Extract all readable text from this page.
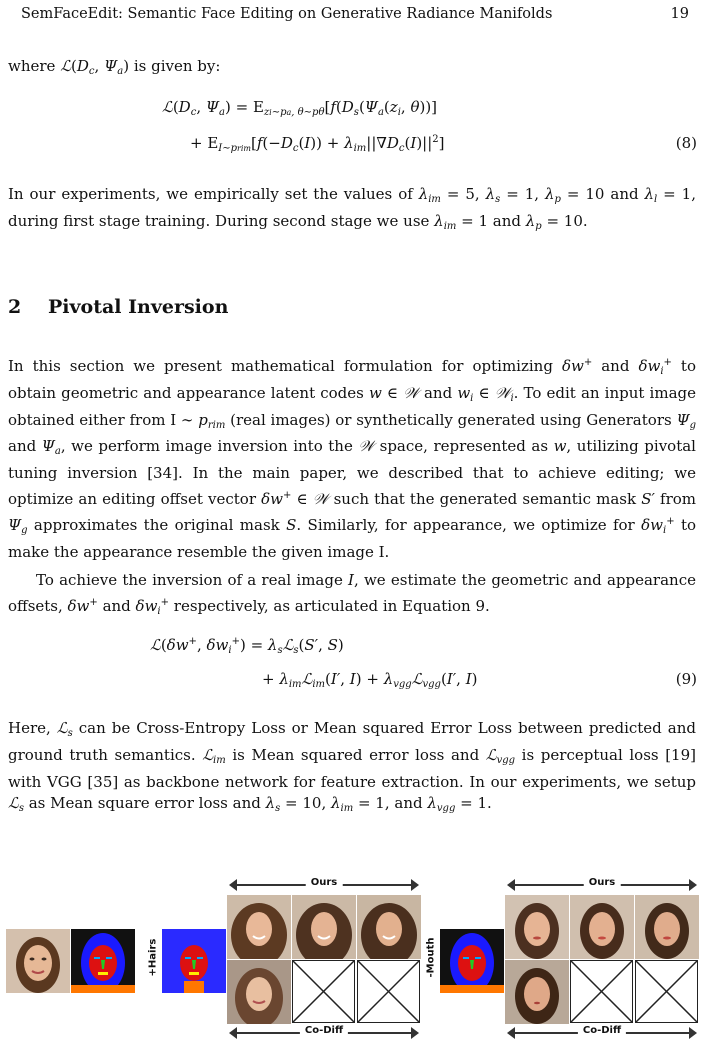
SemFaceEdit: Semantic Face Editing on Generative Radiance Manifolds	19
where $ℒ(D_c$, $\Psi_a$) is given by:
$ℒ(D_c$, $\Psi_a) = E_{zi\sim pa, \theta\sim p\theta}[f(D_s(\Psi_a(z_i$, θ))]
+ $E_{I\sim prim}[f(-D_c(I)) + \lambda_{im}||\nabla D_c(I)||^2]$	(8)
In our experiments, we empirically set the values of $\lambda_{im} = 5$, $\lambda_s = 1$, $\lambda_p = 10$ and $\lambda_l = 1$, during first stage training. During second stage we use $\lambda_{im} = 1$ and $\lambda_p = 10$.
2 Pivotal Inversion
In this section we present mathematical formulation for optimizing δw+ and $\delta w_i^+$ to obtain geometric and appearance latent codes w ∈ 𝒲 and $w_i$ ∈ 𝒲$_i$. To edit an input image obtained either from I ∼ $p_{rim}$ (real images) or synthetically generated using Generators $\Psi_g$ and $\Psi_a$, we perform image inversion into the 𝒲 space, represented as w, utilizing pivotal tuning inversion [34]. In the main paper, we described that to achieve editing; we optimize an editing offset vector δw+ ∈ 𝒲 such that the generated semantic mask S′ from $\Psi_g$ approximates the original mask S. Similarly, for appearance, we optimize for $\delta w_i^+$ to make the appearance resemble the given image I.
To achieve the inversion of a real image I, we estimate the geometric and appearance offsets, δw+ and $\delta w_i^+$ respectively, as articulated in Equation 9.
ℒ(δw+, $\delta w_i^+$) = $\lambda_sℒ_s(S'$, S)
+ $\lambda_{im}ℒ_{im}(I'$, $I) + \lambda_{vgg}ℒ_{vgg}(I'$, I)	(9)
Here, ℒ$_s$ can be Cross-Entropy Loss or Mean squared Error Loss between predicted and ground truth semantics. ℒ$_{im}$ is Mean squared error loss and ℒ$_{vgg}$ is perceptual loss [19] with VGG [35] as backbone network for feature extraction. In our experiments, we setup ℒ$_s$ as Mean square error loss and $\lambda_s = 10$, $\lambda_{im} = 1$, and $\lambda_{vgg} = 1$.
+Hairs
Ours
Co-Diff
-Mouth
Ours
Co-Diff
